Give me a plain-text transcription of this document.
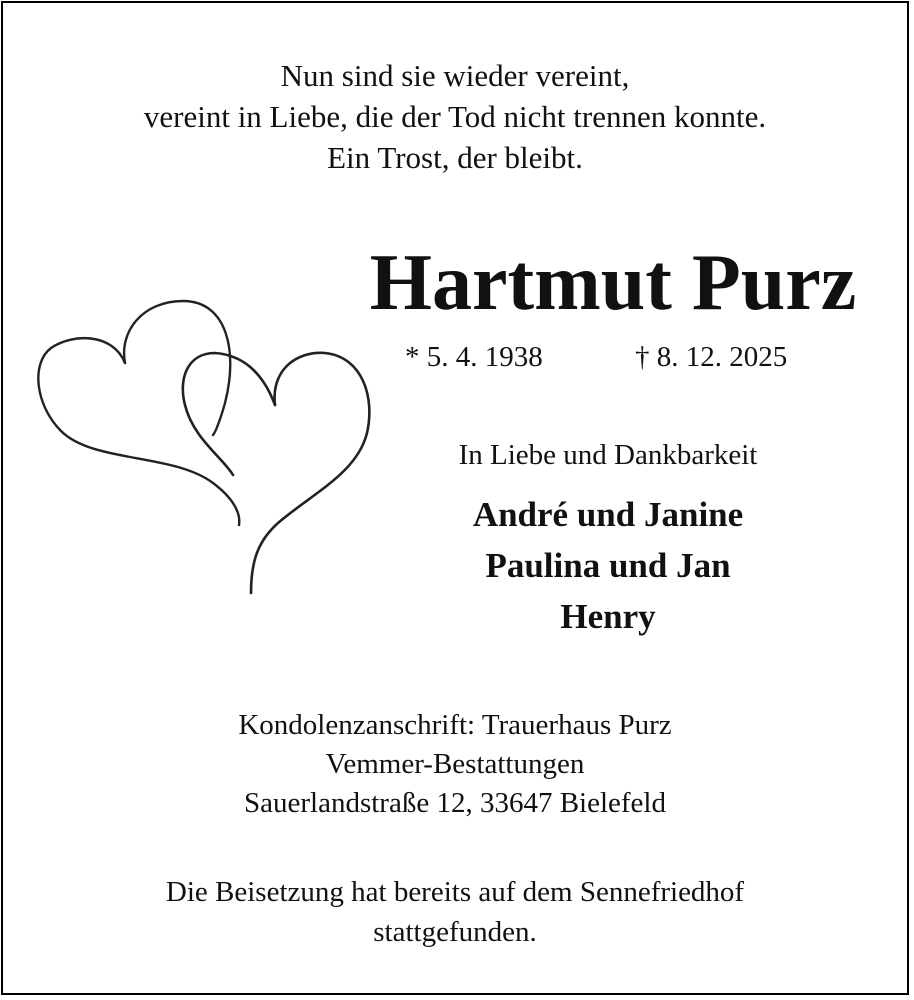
Nun sind sie wieder vereint,
vereint in Liebe, die der Tod nicht trennen konnte.
Ein Trost, der bleibt.
Hartmut Purz
* 5. 4. 1938	† 8. 12. 2025
In Liebe und Dankbarkeit
André und Janine
Paulina und Jan
Henry
Kondolenzanschrift: Trauerhaus Purz
Vemmer-Bestattungen
Sauerlandstraße 12, 33647 Bielefeld
Die Beisetzung hat bereits auf dem Sennefriedhof
stattgefunden.
